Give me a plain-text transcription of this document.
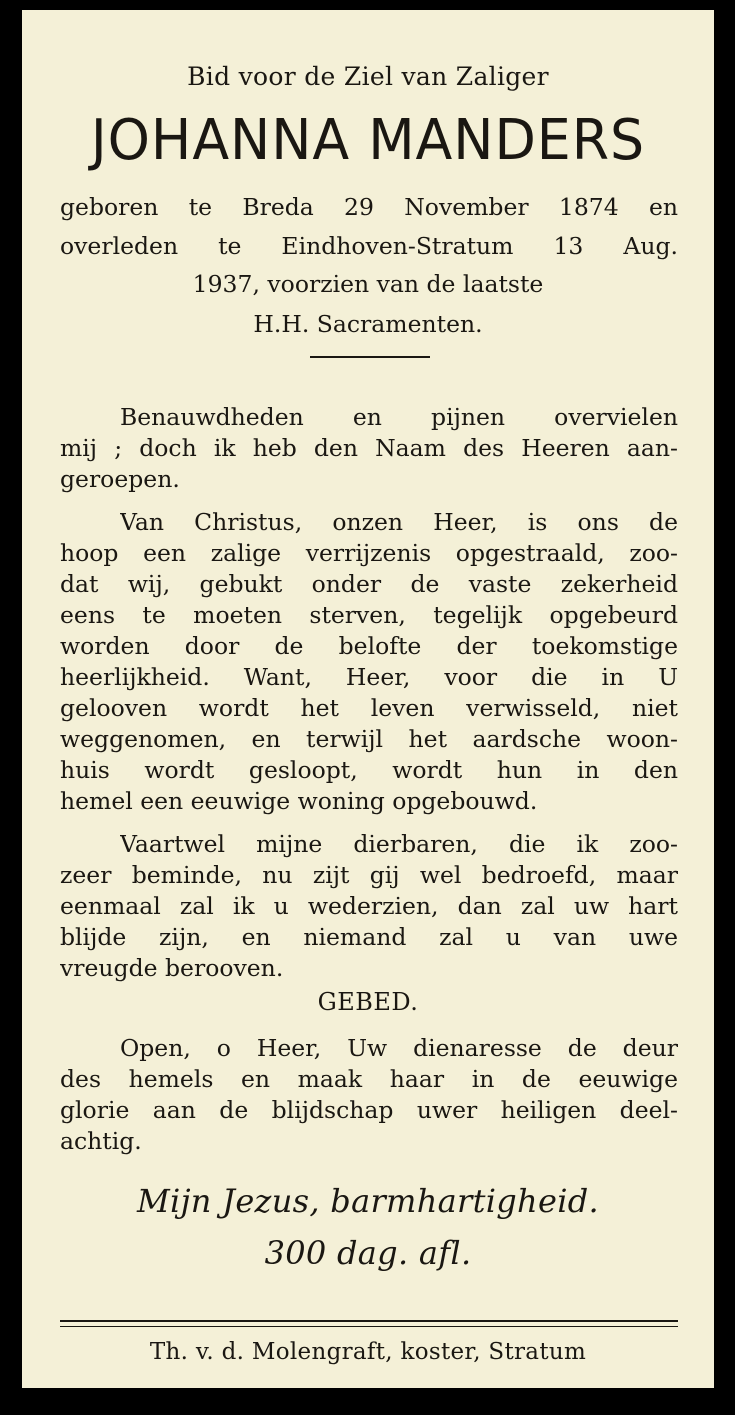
Bid voor de Ziel van Zaliger
JOHANNA MANDERS
geboren te Breda 29 November 1874 en
overleden te Eindhoven-Stratum 13 Aug.
1937, voorzien van de laatste
H.H. Sacramenten.
Benauwdheden en pijnen overvielen
mij ; doch ik heb den Naam des Heeren aan-
geroepen.
Van Christus, onzen Heer, is ons de
hoop een zalige verrijzenis opgestraald, zoo-
dat wij, gebukt onder de vaste zekerheid
eens te moeten sterven, tegelijk opgebeurd
worden door de belofte der toekomstige
heerlijkheid. Want, Heer, voor die in U
gelooven wordt het leven verwisseld, niet
weggenomen, en terwijl het aardsche woon-
huis wordt gesloopt, wordt hun in den
hemel een eeuwige woning opgebouwd.
Vaartwel mijne dierbaren, die ik zoo-
zeer beminde, nu zijt gij wel bedroefd, maar
eenmaal zal ik u wederzien, dan zal uw hart
blijde zijn, en niemand zal u van uwe
vreugde berooven.
GEBED.
Open, o Heer, Uw dienaresse de deur
des hemels en maak haar in de eeuwige
glorie aan de blijdschap uwer heiligen deel-
achtig.
Mijn Jezus, barmhartigheid.
300 dag. afl.
Th. v. d. Molengraft, koster, Stratum
